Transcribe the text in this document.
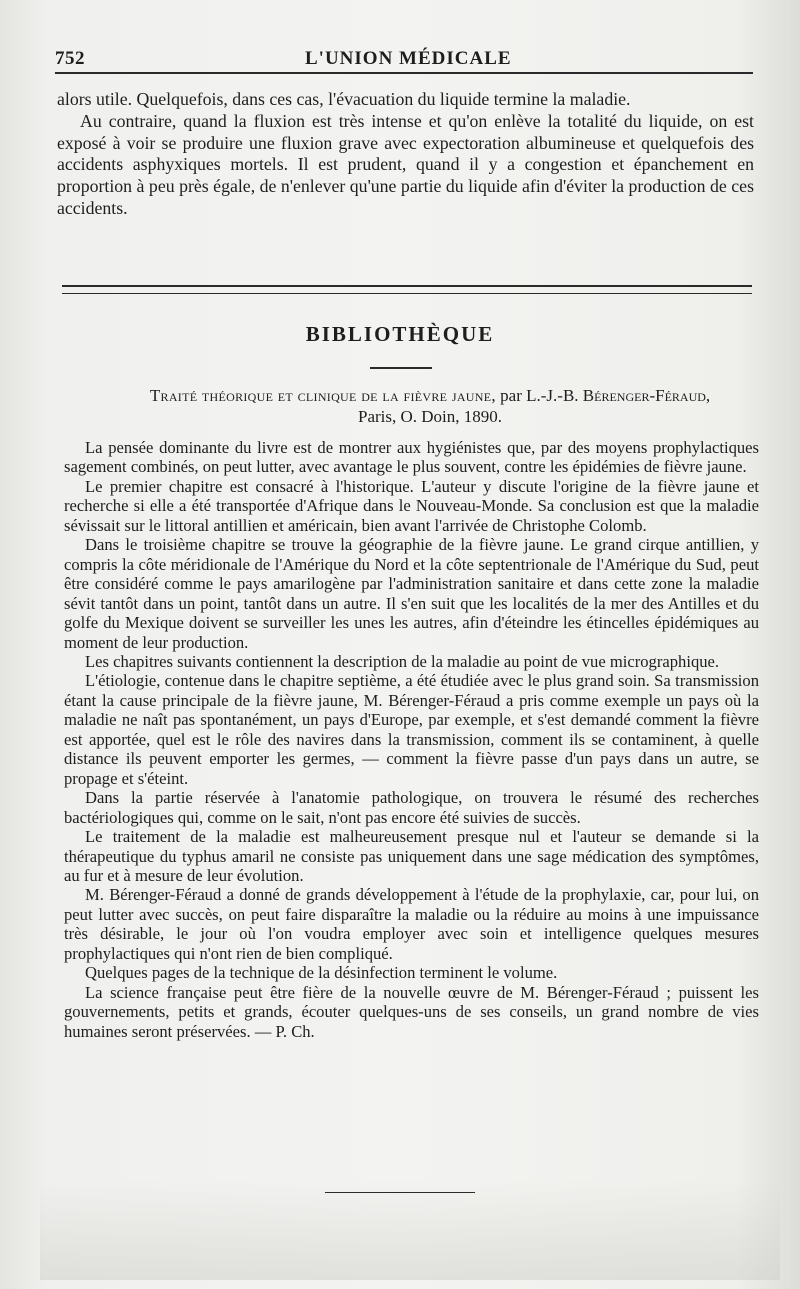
752	L'UNION MÉDICALE

alors utile. Quelquefois, dans ces cas, l'évacuation du liquide termine la maladie.

Au contraire, quand la fluxion est très intense et qu'on enlève la totalité du liquide, on est exposé à voir se produire une fluxion grave avec expectoration albumineuse et quelquefois des accidents asphyxiques mortels. Il est prudent, quand il y a congestion et épanchement en proportion à peu près égale, de n'enlever qu'une partie du liquide afin d'éviter la production de ces accidents.

BIBLIOTHÈQUE
Traité théorique et clinique de la fièvre jaune, par L.-J.-B. Bérenger-Féraud,
Paris, O. Doin, 1890.

La pensée dominante du livre est de montrer aux hygiénistes que, par des moyens prophylactiques sagement combinés, on peut lutter, avec avantage le plus souvent, contre les épidémies de fièvre jaune.

Le premier chapitre est consacré à l'historique. L'auteur y discute l'origine de la fièvre jaune et recherche si elle a été transportée d'Afrique dans le Nouveau-Monde. Sa conclusion est que la maladie sévissait sur le littoral antillien et américain, bien avant l'arrivée de Christophe Colomb.

Dans le troisième chapitre se trouve la géographie de la fièvre jaune. Le grand cirque antillien, y compris la côte méridionale de l'Amérique du Nord et la côte septentrionale de l'Amérique du Sud, peut être considéré comme le pays amarilogène par l'administration sanitaire et dans cette zone la maladie sévit tantôt dans un point, tantôt dans un autre. Il s'en suit que les localités de la mer des Antilles et du golfe du Mexique doivent se surveiller les unes les autres, afin d'éteindre les étincelles épidémiques au moment de leur production.

Les chapitres suivants contiennent la description de la maladie au point de vue micrographique.

L'étiologie, contenue dans le chapitre septième, a été étudiée avec le plus grand soin. Sa transmission étant la cause principale de la fièvre jaune, M. Bérenger-Féraud a pris comme exemple un pays où la maladie ne naît pas spontanément, un pays d'Europe, par exemple, et s'est demandé comment la fièvre est apportée, quel est le rôle des navires dans la transmission, comment ils se contaminent, à quelle distance ils peuvent emporter les germes, — comment la fièvre passe d'un pays dans un autre, se propage et s'éteint.

Dans la partie réservée à l'anatomie pathologique, on trouvera le résumé des recherches bactériologiques qui, comme on le sait, n'ont pas encore été suivies de succès.

Le traitement de la maladie est malheureusement presque nul et l'auteur se demande si la thérapeutique du typhus amaril ne consiste pas uniquement dans une sage médication des symptômes, au fur et à mesure de leur évolution.

M. Bérenger-Féraud a donné de grands développement à l'étude de la prophylaxie, car, pour lui, on peut lutter avec succès, on peut faire disparaître la maladie ou la réduire au moins à une impuissance très désirable, le jour où l'on voudra employer avec soin et intelligence quelques mesures prophylactiques qui n'ont rien de bien compliqué.

Quelques pages de la technique de la désinfection terminent le volume.

La science française peut être fière de la nouvelle œuvre de M. Bérenger-Féraud ; puissent les gouvernements, petits et grands, écouter quelques-uns de ses conseils, un grand nombre de vies humaines seront préservées. — P. Ch.
